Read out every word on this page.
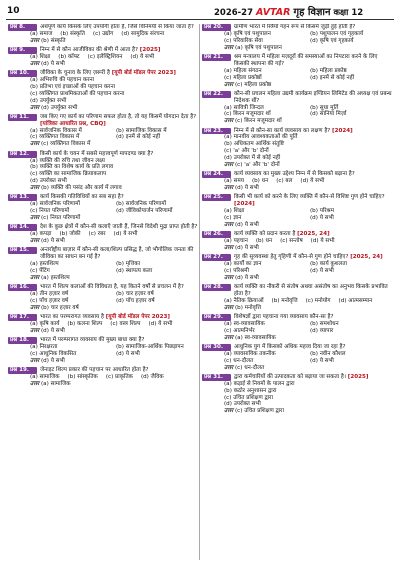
10	2026-27 AVTAR गृह विज्ञान कक्षा 12
प्रश्न 8.	अर्थपूर्ण कार्य किसके लिए उपयोगी होता है, जिसे विनिमयी से किया जाता है?
(a) समाज (b) संस्कृति (c) उद्योग (d) सामुदिक संरचना
उत्तर (b) संस्कृति
प्रश्न 9.	निम्न में से कौन आजीविका की श्रेणी में आता है? [2025]
(a) शिक्षा (b) कॉफ्ट (c) इलेक्ट्रिशियन (d) ये सभी
उत्तर (d) ये सभी
प्रश्न 10.	जीविका के चुनाव के लिए ज़रूरी है [यूपी बोर्ड मॉडल पेपर 2023]
(a) अभिरुचि की पहचान करना
(b) प्रतिभा एवं इच्छाओं की पहचान करना
(c) व्यक्तिगत प्राथमिकताओं की पहचान करना
(d) उपर्युक्त सभी
उत्तर (d) उपर्युक्त सभी
प्रश्न 11.	जब किए गए कार्य का परिणाम सफल होता है, तो यह किसमें योगदान देता है? [यांत्रिका आधारित प्रश्न, CBQ]
(a) सार्वजनिक विकास में	(b) सामाजिक विकास में
(c) व्यक्तिगत विकास में	(d) इनमें से कोई नहीं
उत्तर (c) व्यक्तिगत विकास में
प्रश्न 12.	किसी कार्य के चयन में सबसे महत्त्वपूर्ण मापदण्ड क्या है?
(a) व्यक्ति की रुचि तथा जीवन लक्ष्य
(b) व्यक्ति का विशेष कार्य के प्रति लगाव
(c) व्यक्ति का सामाजिक क्रियाकलाप
(d) उपरोक्त सभी
उत्तर (b) व्यक्ति की पसंद और कार्य में लगाव
प्रश्न 13.	कार्य किसकी गतिविधियों का सब सहा है?
(a) सार्वजनिक परिणामों	(b) सार्वजनिक परिणामों
(c) नियत परिणामों	(d) जीविकोपार्जन परिणामों
उत्तर (c) नियत परिणामों
प्रश्न 14.	देश के कुछ क्षेत्रों में कौन-सी कलाएँ जाती हैं, जिनसे विदेशी मुद्रा प्राप्त होती है?
(a) कपड़ा (b) जोकी (c) रबर (d) ये सभी
उत्तर (d) ये सभी
प्रश्न 15.	अन्तर्राष्ट्रीय बाज़ार में कौन-सी कला/शिल्प प्रसिद्ध है, जो भौगोलिक जनता की जीविका का साधन बन गई है?
(a) हस्तशिल्प	(b) मृत्तिका
(c) पेंटिंग	(d) स्थापत्य कला
उत्तर (a) हस्तशिल्प
प्रश्न 16.	भारत में शिल्प कलाओं की विविधता है, यह कितने वर्षों से प्रचलन में है?
(a) तीन हज़ार वर्ष	(b) चार हज़ार वर्ष
(c) पाँच हज़ार वर्ष	(d) पाँच हज़ार वर्ष
उत्तर (b) चार हज़ार वर्ष
प्रश्न 17.	भारत का परम्परागत व्यवसाय है [यूपी बोर्ड मॉडल पेपर 2023]
(a) कृषि कार्य (b) कलना शिल्प (c) वस्त्र शिल्प (d) ये सभी
उत्तर (d) ये सभी
प्रश्न 18.	भारत में परम्परागत व्यवसाय की मुख्य बाधा क्या है?
(a) निरक्षरता	(b) सामाजिक-आर्थिक पिछड़ापन
(c) आधुनिक विकसित	(d) ये सभी
उत्तर (d) ये सभी
प्रश्न 19.	जेनाइट शिल्प प्रकार की पहचान पर आधारित होता है?
(a) सामाजिक (b) सांस्कृतिक (c) प्राकृतिक (d) जैविक
उत्तर (a) सामाजिक
प्रश्न 20.	ग्रामीण भारत में स्त्रियाँ गहन रूप से किसमें जुड़ी हुई होती हैं?
(a) कृषि एवं पशुपालन	(b) पशुपालन एवं गृहकार्य
(c) परिवारिक सेवा	(d) कृषि एवं गृहकार्य
उत्तर (a) कृषि एवं पशुपालन
प्रश्न 21.	श्रम मन्त्रालय में महिला मज़दूरों की समस्याओं का निपटारा करने के लिए किसकी स्थापना की गई?
(a) महिला संगठन	(b) महिला प्रकोष्ठ
(c) महिला प्रकोष्ठों	(d) इनमें से कोई नहीं
उत्तर (c) महिला प्रकोष्ठ
प्रश्न 22.	कौन-सी प्रचलन महिला उद्यमी कार्यक्रम इण्डियन लिमिटेड की अध्यक्ष एवं प्रबन्ध निदेशक थीं?
(a) सावित्री जिन्दल	(b) सुधा मूर्ति
(c) किरन मजूमदार शॉ	(d) सानिया मिर्ज़ा
उत्तर (c) किरन मजूमदार शॉ
प्रश्न 23.	निम्न में से कौन-सा कार्य व्यवसाय का लक्षण है? [2024]
(a) मानवीय आवश्यकताओं की पूर्ति
(b) अधिकतम आर्थिक संतुष्टि
(c) 'a' और 'b' दोनों
(d) उपरोक्त में से कोई नहीं
उत्तर (c) 'a' और 'b' दोनों
प्रश्न 24.	कार्य व्यवसाय का मुख्य उद्देश्य निम्न में से किसको बढ़ाना है?
(a) समय (b) धन (c) बल (d) ये सभी
उत्तर (d) ये सभी
प्रश्न 25.	किसी भी कार्य को करने के लिए व्यक्ति में कौन-से विशिष्ट गुण होने चाहिए? [2024]
(a) शिक्षा	(b) परिश्रम
(c) ज्ञान	(d) ये सभी
उत्तर (d) ये सभी
प्रश्न 26.	कार्य व्यक्ति को प्रदान करता है [2025, 24]
(a) पहचान (b) धन (c) सन्तोष (d) ये सभी
उत्तर (d) ये सभी
प्रश्न 27.	गृह की सुव्यवस्था हेतु गृहिणी में कौन-से गुण होने चाहिए? [2025, 24]
(a) कार्यों का ज्ञान	(b) कार्य कुशलता
(c) परिश्रमी	(d) ये सभी
उत्तर (d) ये सभी
प्रश्न 28.	कार्य व्यक्ति का नौकरी से संतोष अथवा असंतोष का अनुभव किसके प्रभावित होता है?
(a) नैतिक क्रियाओं (b) मनोवृत्ति (c) मनोयोग (d) आत्मसम्मान
उत्तर (b) मनोवृत्ति
प्रश्न 29.	विशेषज्ञों द्वारा पहचाना गया व्यावसाय कौन-सा है?
(a) स्व-व्यावसायिक	(b) समशोधन
(c) आत्मनिर्भर	(d) व्यापार
उत्तर (a) स्व-व्यावसायिक
प्रश्न 30.	आधुनिक युग में किसको अधिक महत्त्व दिया जा रहा है?
(a) व्यावसायिक तकनीक	(b) नवीन कौशल
(c) धन-दौलत	(d) ये सभी
उत्तर (c) धन-दौलत
प्रश्न 31.	द्वारा कर्मचारियों की उत्पादकता को बढ़ाया जा सकता है। [2025]
(a) कड़ाई से नियमों के पालन द्वारा
(b) कठोर अनुशासन द्वारा
(c) उचित प्रशिक्षण द्वारा
(d) उपरोक्त सभी
उत्तर (c) उचित प्रशिक्षण द्वारा
